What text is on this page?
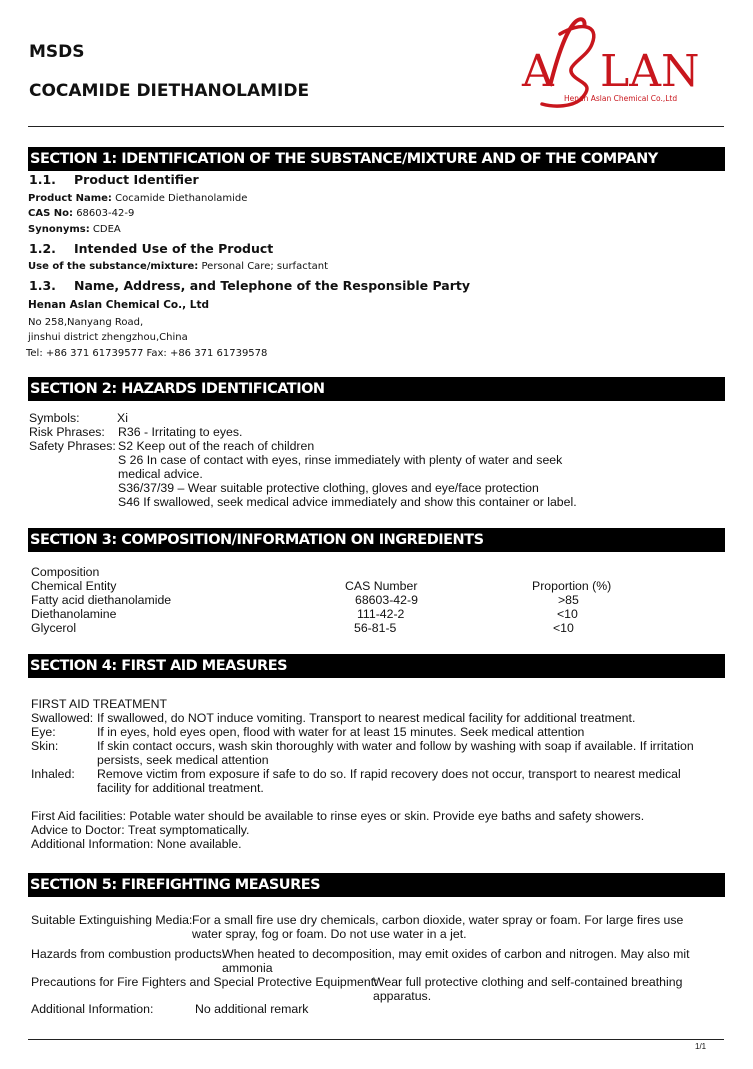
MSDS
COCAMIDE DIETHANOLAMIDE	A LAN
Henan Aslan Chemical Co.,Ltd
SECTION 1: IDENTIFICATION OF THE SUBSTANCE/MIXTURE AND OF THE COMPANY
1.1. Product Identifier
Product Name: Cocamide Diethanolamide
CAS No: 68603-42-9
Synonyms: CDEA
1.2. Intended Use of the Product
Use of the substance/mixture: Personal Care; surfactant
1.3. Name, Address, and Telephone of the Responsible Party
Henan Aslan Chemical Co., Ltd
No 258,Nanyang Road,
jinshui district zhengzhou,China
Tel: +86 371 61739577 Fax: +86 371 61739578
SECTION 2: HAZARDS IDENTIFICATION
Symbols:	Xi
Risk Phrases: R36 - Irritating to eyes.
Safety Phrases: S2 Keep out of the reach of children
S 26 In case of contact with eyes, rinse immediately with plenty of water and seek medical advice.
S36/37/39 – Wear suitable protective clothing, gloves and eye/face protection
S46 If swallowed, seek medical advice immediately and show this container or label.
SECTION 3: COMPOSITION/INFORMATION ON INGREDIENTS
Composition
Chemical Entity	CAS Number	Proportion (%)
Fatty acid diethanolamide	68603-42-9	>85
Diethanolamine	111-42-2	<10
Glycerol	56-81-5	<10
SECTION 4: FIRST AID MEASURES
FIRST AID TREATMENT
Swallowed: If swallowed, do NOT induce vomiting. Transport to nearest medical facility for additional treatment.
Eye:	If in eyes, hold eyes open, flood with water for at least 15 minutes. Seek medical attention
Skin:	If skin contact occurs, wash skin thoroughly with water and follow by washing with soap if available. If irritation persists, seek medical attention
Inhaled: Remove victim from exposure if safe to do so. If rapid recovery does not occur, transport to nearest medical facility for additional treatment.
First Aid facilities: Potable water should be available to rinse eyes or skin. Provide eye baths and safety showers.
Advice to Doctor: Treat symptomatically.
Additional Information: None available.
SECTION 5: FIREFIGHTING MEASURES
Suitable Extinguishing Media: For a small fire use dry chemicals, carbon dioxide, water spray or foam. For large fires use water spray, fog or foam. Do not use water in a jet.
Hazards from combustion products:
When heated to decomposition, may emit oxides of carbon and nitrogen. May also mit ammonia
Precautions for Fire Fighters and Special Protective Equipment:
Wear full protective clothing and self-contained breathing apparatus.
Additional Information:	No additional remark
1/1
